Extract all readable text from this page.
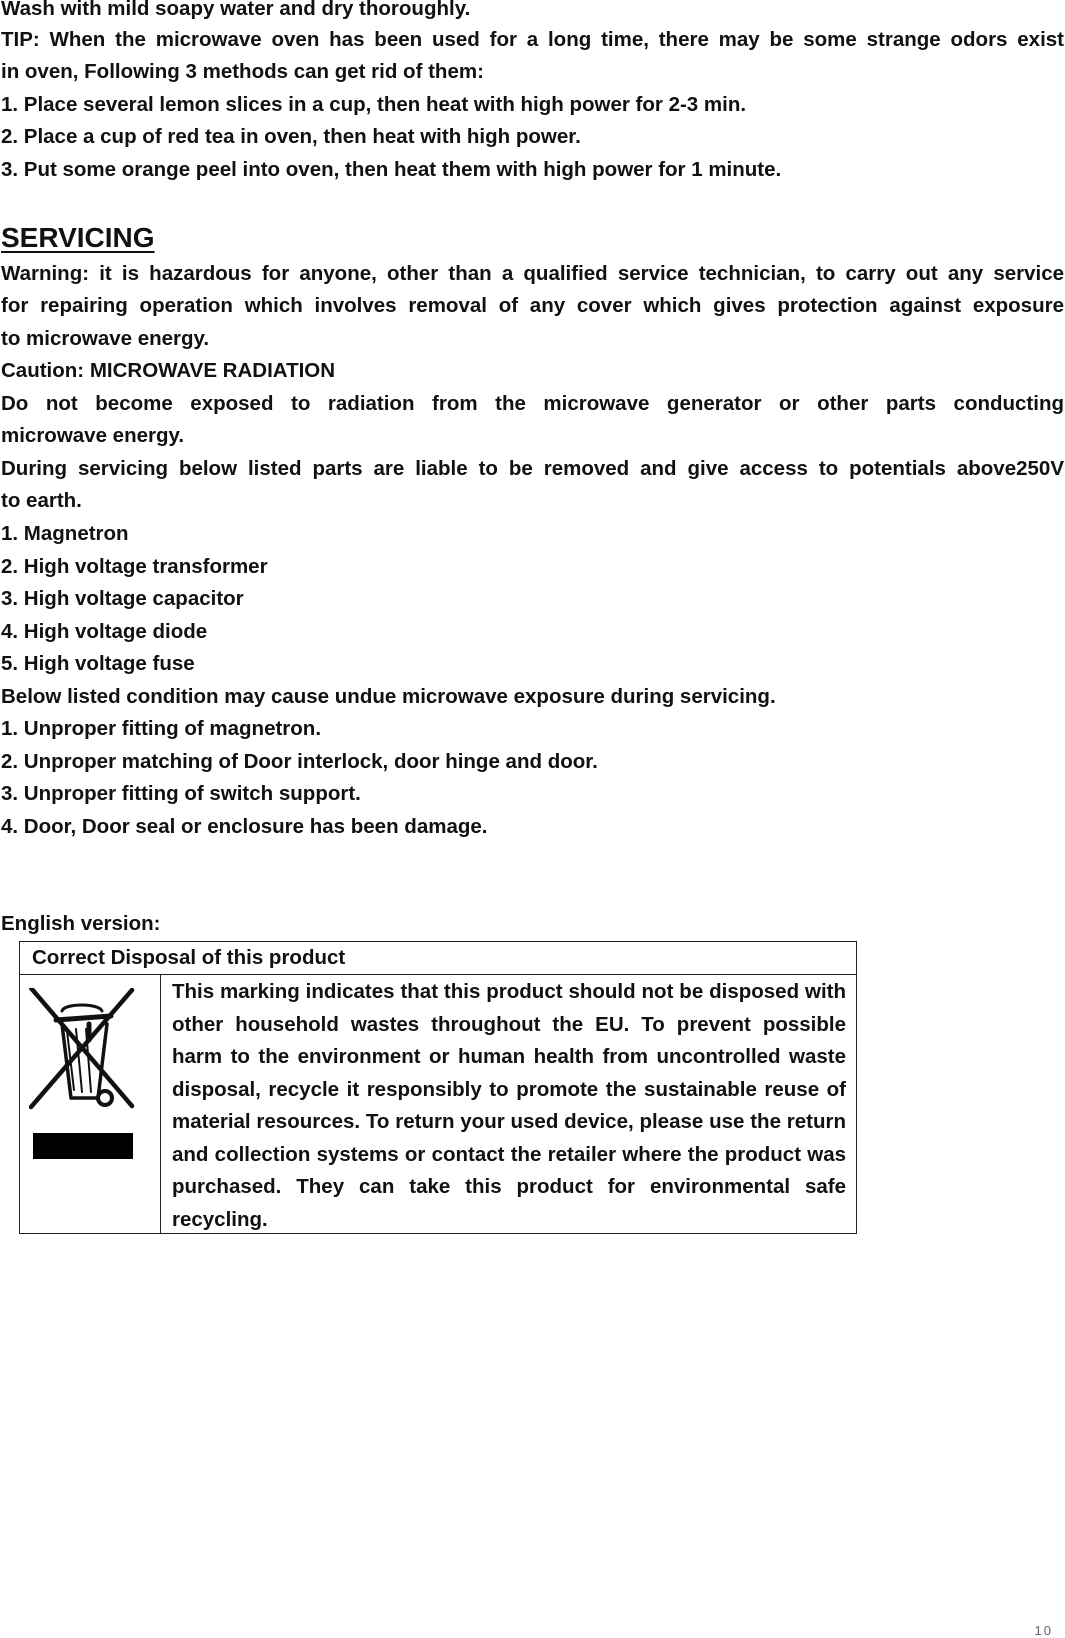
Wash with mild soapy water and dry thoroughly.
TIP: When the microwave oven has been used for a long time, there may be some strange odors exist
in oven, Following 3 methods can get rid of them:
1. Place several lemon slices in a cup, then heat with high power for 2-3 min.
2. Place a cup of red tea in oven, then heat with high power.
3. Put some orange peel into oven, then heat them with high power for 1 minute.
SERVICING
Warning: it is hazardous for anyone, other than a qualified service technician, to carry out any service
for repairing operation which involves removal of any cover which gives protection against exposure
to microwave energy.
Caution: MICROWAVE RADIATION
Do not become exposed to radiation from the microwave generator or other parts conducting
microwave energy.
During servicing below listed parts are liable to be removed and give access to potentials above250V
to earth.
1. Magnetron
2. High voltage transformer
3. High voltage capacitor
4. High voltage diode
5. High voltage fuse
Below listed condition may cause undue microwave exposure during servicing.
1. Unproper fitting of magnetron.
2. Unproper matching of Door interlock, door hinge and door.
3. Unproper fitting of switch support.
4. Door, Door seal or enclosure has been damage.
English version:
Correct Disposal of this product
This marking indicates that this product should not be disposed with other household wastes throughout the EU. To prevent possible harm to the environment or human health from uncontrolled waste disposal, recycle it responsibly to promote the sustainable reuse of material resources. To return your used device, please use the return and collection systems or contact the retailer where the product was purchased. They can take this product for environmental safe recycling.
10
